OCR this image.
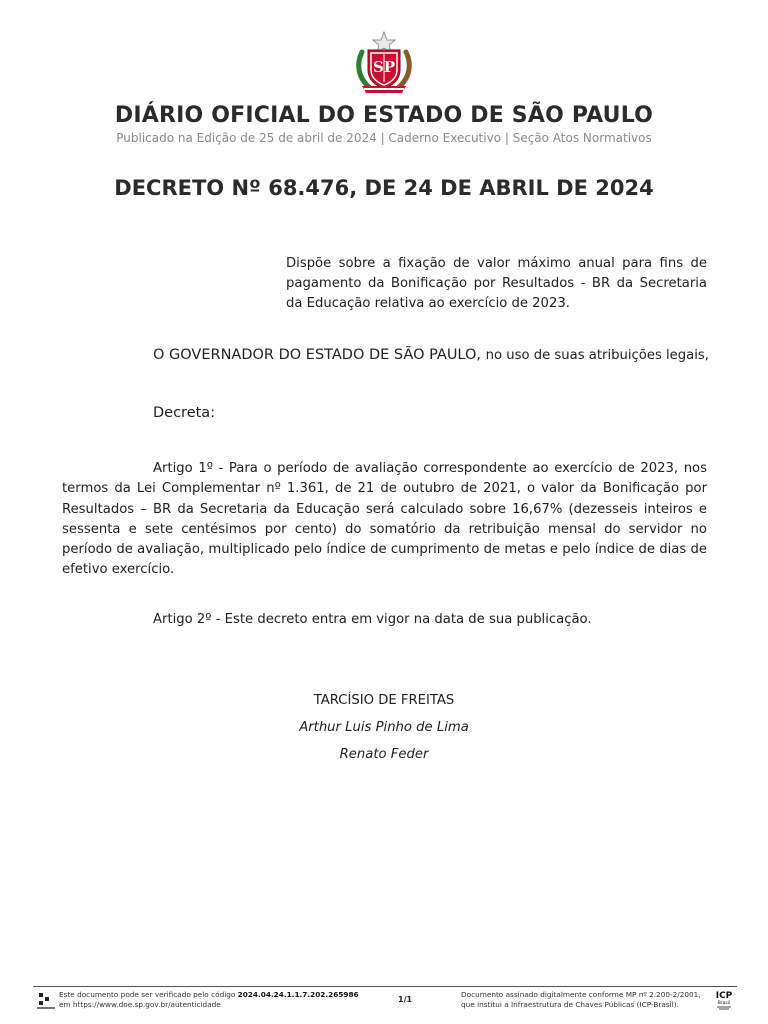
SP
DIÁRIO OFICIAL DO ESTADO DE SÃO PAULO
Publicado na Edição de 25 de abril de 2024 | Caderno Executivo | Seção Atos Normativos
DECRETO Nº 68.476, DE 24 DE ABRIL DE 2024
Dispõe sobre a fixação de valor máximo anual para fins de pagamento da Bonificação por Resultados - BR da Secretaria da Educação relativa ao exercício de 2023.
O GOVERNADOR DO ESTADO DE SÃO PAULO, no uso de suas atribuições legais,
Decreta:
Artigo 1º - Para o período de avaliação correspondente ao exercício de 2023, nos termos da Lei Complementar nº 1.361, de 21 de outubro de 2021, o valor da Bonificação por Resultados – BR da Secretaria da Educação será calculado sobre 16,67% (dezesseis inteiros e sessenta e sete centésimos por cento) do somatório da retribuição mensal do servidor no período de avaliação, multiplicado pelo índice de cumprimento de metas e pelo índice de dias de efetivo exercício.
Artigo 2º - Este decreto entra em vigor na data de sua publicação.
TARCÍSIO DE FREITAS
Arthur Luis Pinho de Lima
Renato Feder
Este documento pode ser verificado pelo código 2024.04.24.1.1.7.202.265986
em https://www.doe.sp.gov.br/autenticidade
1/1
Documento assinado digitalmente conforme MP nº 2.200-2/2001,
que institui a Infraestrutura de Chaves Públicas (ICP-Brasil).
ICP
Brasil
